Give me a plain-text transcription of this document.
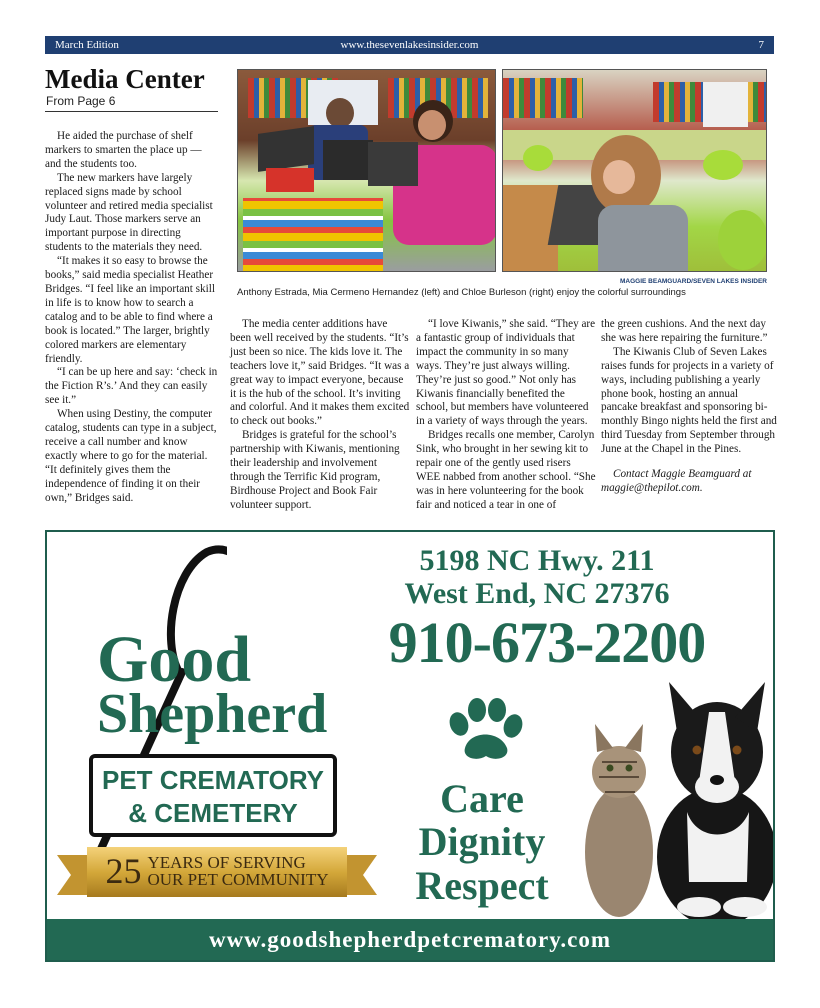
March Edition	www.thesevenlakesinsider.com	7
Media Center
From Page 6

He aided the purchase of shelf markers to smarten the place up — and the students too.

The new markers have largely replaced signs made by school volunteer and retired media specialist Judy Laut. Those markers serve an important purpose in directing students to the materials they need.

“It makes it so easy to browse the books,” said media specialist Heather Bridges. “I feel like an important skill in life is to know how to search a catalog and to be able to find where a book is located.” The larger, brightly colored markers are elementary friendly.

“I can be up here and say: ‘check in the Fiction R’s.’ And they can easily see it.”

When using Destiny, the computer catalog, students can type in a subject, receive a call number and know exactly where to go for the material. “It definitely gives them the independence of finding it on their own,” Bridges said.

MAGGIE BEAMGUARD/SEVEN LAKES INSIDER
Anthony Estrada, Mia Cermeno Hernandez (left) and Chloe Burleson (right) enjoy the colorful surroundings

The media center additions have been well received by the students. “It’s just been so nice. The kids love it. The teachers love it,” said Bridges. “It was a great way to impact everyone, because it is the hub of the school. It’s inviting and colorful. And it makes them excited to check out books.”

Bridges is grateful for the school’s partnership with Kiwanis, mentioning their leadership and involvement through the Terrific Kid program, Birdhouse Project and Book Fair volunteer support.

“I love Kiwanis,” she said. “They are a fantastic group of individuals that impact the community in so many ways. They’re just always willing. They’re just so good.” Not only has Kiwanis financially benefited the school, but members have volunteered in a variety of ways through the years.

Bridges recalls one member, Carolyn Sink, who brought in her sewing kit to repair one of the gently used risers WEE nabbed from another school. “She was in here volunteering for the book fair and noticed a tear in one of

the green cushions. And the next day she was here repairing the furniture.”

The Kiwanis Club of Seven Lakes raises funds for projects in a variety of ways, including publishing a yearly phone book, hosting an annual pancake breakfast and sponsoring bi-monthly Bingo nights held the first and third Tuesday from September through June at the Chapel in the Pines.

Contact Maggie Beamguard at maggie@thepilot.com.

5198 NC Hwy. 211
West End, NC 27376
910-673-2200
Good
Shepherd
PET CREMATORY
& CEMETERY
25 YEARS OF SERVING
OUR PET COMMUNITY
Care
Dignity
Respect
www.goodshepherdpetcrematory.com
